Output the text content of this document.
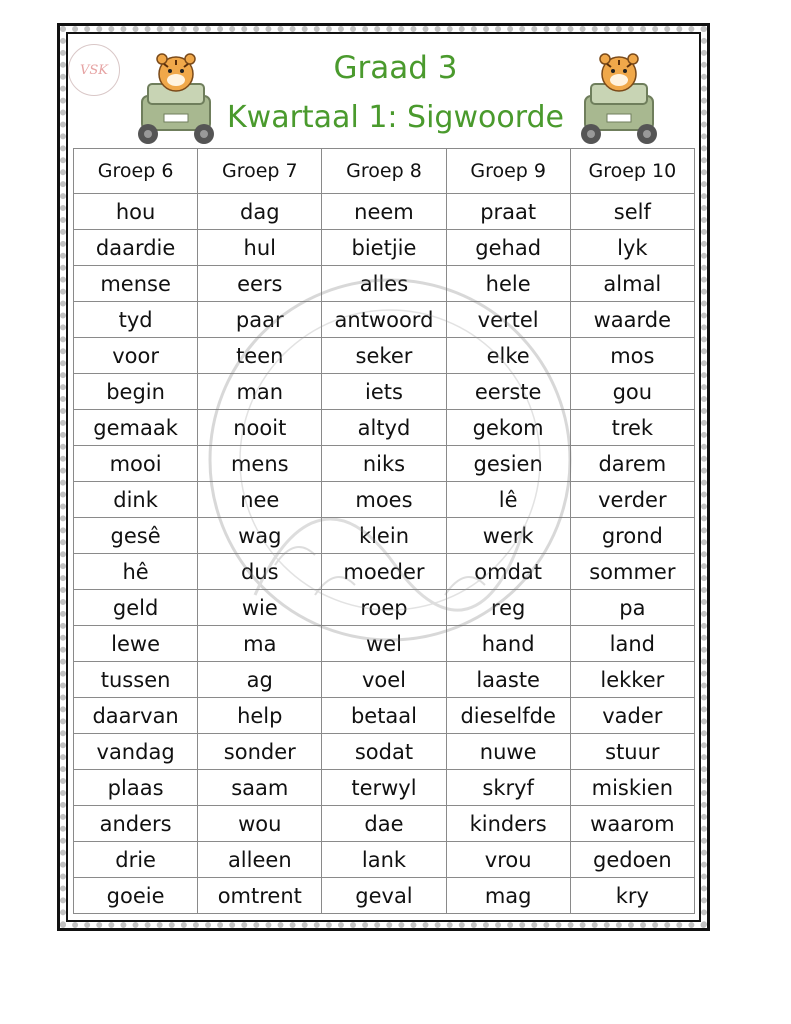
VSK	Graad 3
Kwartaal 1: Sigwoorde
Groep 6	Groep 7	Groep 8	Groep 9	Groep 10
hou	dag	neem	praat	self
daardie	hul	bietjie	gehad	lyk
mense	eers	alles	hele	almal
tyd	paar	antwoord	vertel	waarde
voor	teen	seker	elke	mos
begin	man	iets	eerste	gou
gemaak	nooit	altyd	gekom	trek
mooi	mens	niks	gesien	darem
dink	nee	moes	lê	verder
gesê	wag	klein	werk	grond
hê	dus	moeder	omdat	sommer
geld	wie	roep	reg	pa
lewe	ma	wel	hand	land
tussen	ag	voel	laaste	lekker
daarvan	help	betaal	dieselfde	vader
vandag	sonder	sodat	nuwe	stuur
plaas	saam	terwyl	skryf	miskien
anders	wou	dae	kinders	waarom
drie	alleen	lank	vrou	gedoen
goeie	omtrent	geval	mag	kry
